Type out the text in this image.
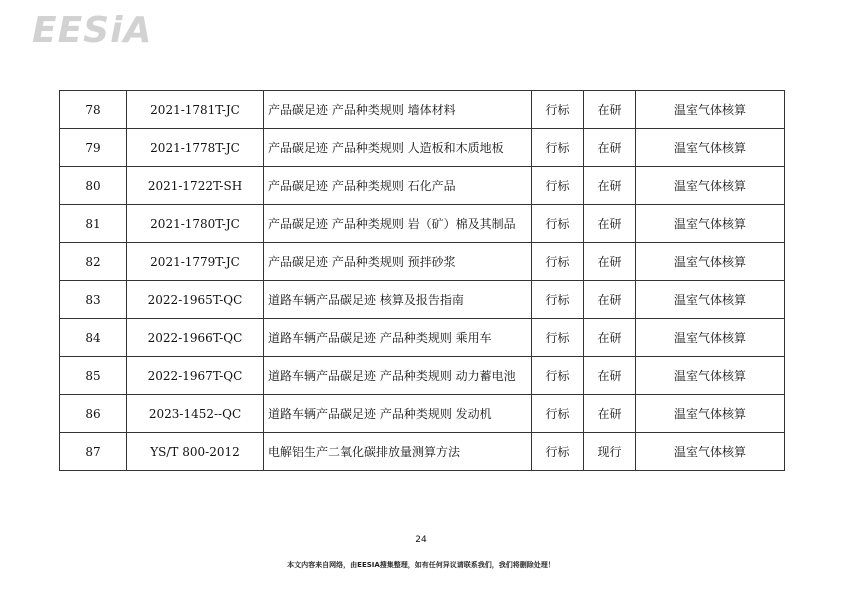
EESiA
78	2021-1781T-JC	产品碳足迹 产品种类规则 墙体材料	行标	在研	温室气体核算
79	2021-1778T-JC	产品碳足迹 产品种类规则 人造板和木质地板	行标	在研	温室气体核算
80	2021-1722T-SH	产品碳足迹 产品种类规则 石化产品	行标	在研	温室气体核算
81	2021-1780T-JC	产品碳足迹 产品种类规则 岩（矿）棉及其制品	行标	在研	温室气体核算
82	2021-1779T-JC	产品碳足迹 产品种类规则 预拌砂浆	行标	在研	温室气体核算
83	2022-1965T-QC	道路车辆产品碳足迹 核算及报告指南	行标	在研	温室气体核算
84	2022-1966T-QC	道路车辆产品碳足迹 产品种类规则 乘用车	行标	在研	温室气体核算
85	2022-1967T-QC	道路车辆产品碳足迹 产品种类规则 动力蓄电池	行标	在研	温室气体核算
86	2023-1452--QC	道路车辆产品碳足迹 产品种类规则 发动机	行标	在研	温室气体核算
87	YS/T 800-2012	电解铝生产二氧化碳排放量测算方法	行标	现行	温室气体核算
24
本文内容来自网络，由EESIA搜集整理，如有任何异议请联系我们，我们将删除处理！
